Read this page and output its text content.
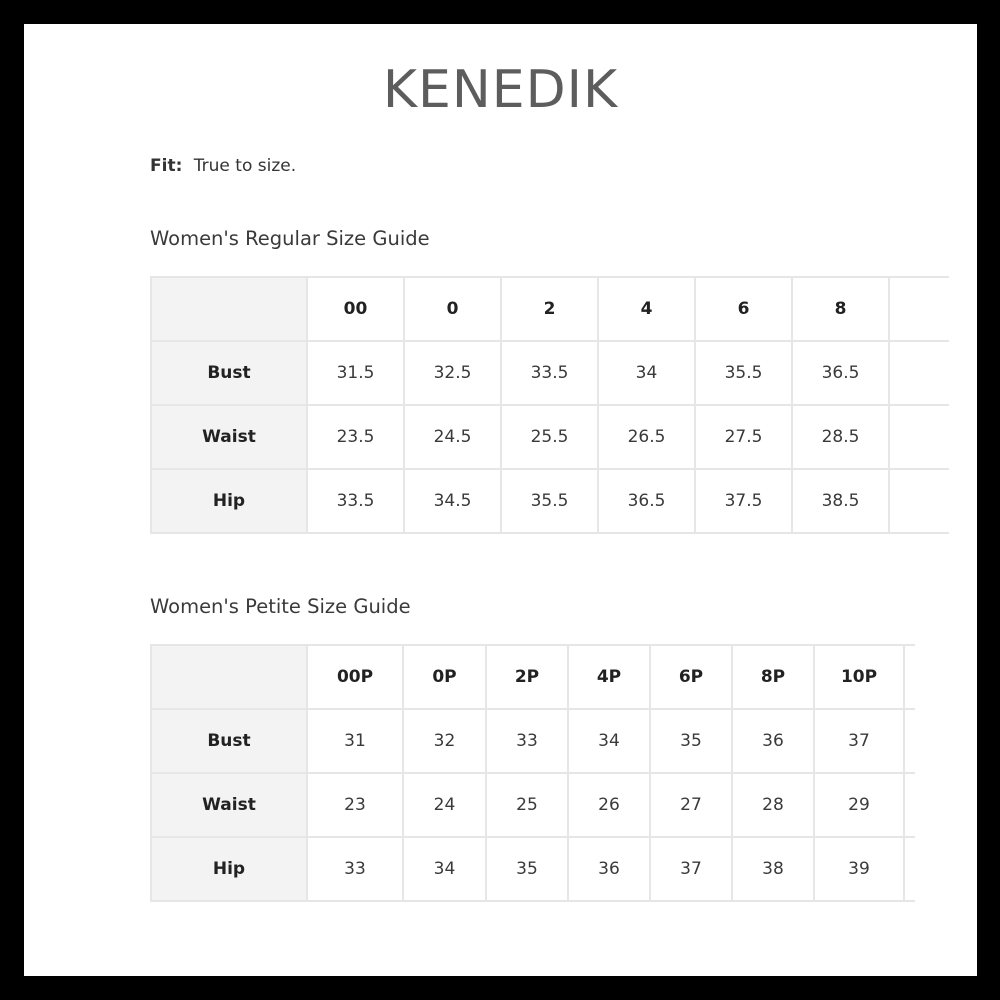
KENEDIK
Fit: True to size.
Women's Regular Size Guide
	00	0	2	4	6	8	
Bust	31.5	32.5	33.5	34	35.5	36.5	
Waist	23.5	24.5	25.5	26.5	27.5	28.5	
Hip	33.5	34.5	35.5	36.5	37.5	38.5	
Women's Petite Size Guide
	00P	0P	2P	4P	6P	8P	10P	
Bust	31	32	33	34	35	36	37	
Waist	23	24	25	26	27	28	29	
Hip	33	34	35	36	37	38	39	
